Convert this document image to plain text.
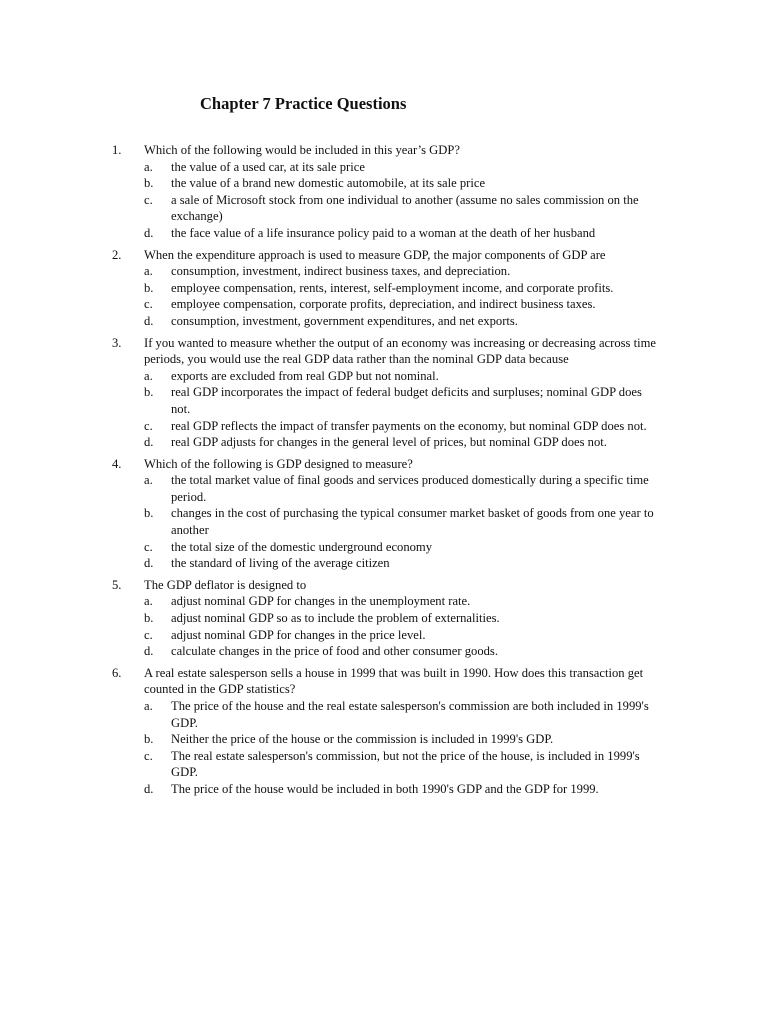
Chapter 7 Practice Questions
1. Which of the following would be included in this year’s GDP?
a. the value of a used car, at its sale price
b. the value of a brand new domestic automobile, at its sale price
c. a sale of Microsoft stock from one individual to another (assume no sales commission on the exchange)
d. the face value of a life insurance policy paid to a woman at the death of her husband
2. When the expenditure approach is used to measure GDP, the major components of GDP are
a. consumption, investment, indirect business taxes, and depreciation.
b. employee compensation, rents, interest, self-employment income, and corporate profits.
c. employee compensation, corporate profits, depreciation, and indirect business taxes.
d. consumption, investment, government expenditures, and net exports.
3. If you wanted to measure whether the output of an economy was increasing or decreasing across time periods, you would use the real GDP data rather than the nominal GDP data because
a. exports are excluded from real GDP but not nominal.
b. real GDP incorporates the impact of federal budget deficits and surpluses; nominal GDP does not.
c. real GDP reflects the impact of transfer payments on the economy, but nominal GDP does not.
d. real GDP adjusts for changes in the general level of prices, but nominal GDP does not.
4. Which of the following is GDP designed to measure?
a. the total market value of final goods and services produced domestically during a specific time period.
b. changes in the cost of purchasing the typical consumer market basket of goods from one year to another
c. the total size of the domestic underground economy
d. the standard of living of the average citizen
5. The GDP deflator is designed to
a. adjust nominal GDP for changes in the unemployment rate.
b. adjust nominal GDP so as to include the problem of externalities.
c. adjust nominal GDP for changes in the price level.
d. calculate changes in the price of food and other consumer goods.
6. A real estate salesperson sells a house in 1999 that was built in 1990. How does this transaction get counted in the GDP statistics?
a. The price of the house and the real estate salesperson's commission are both included in 1999's GDP.
b. Neither the price of the house or the commission is included in 1999's GDP.
c. The real estate salesperson's commission, but not the price of the house, is included in 1999's GDP.
d. The price of the house would be included in both 1990's GDP and the GDP for 1999.
